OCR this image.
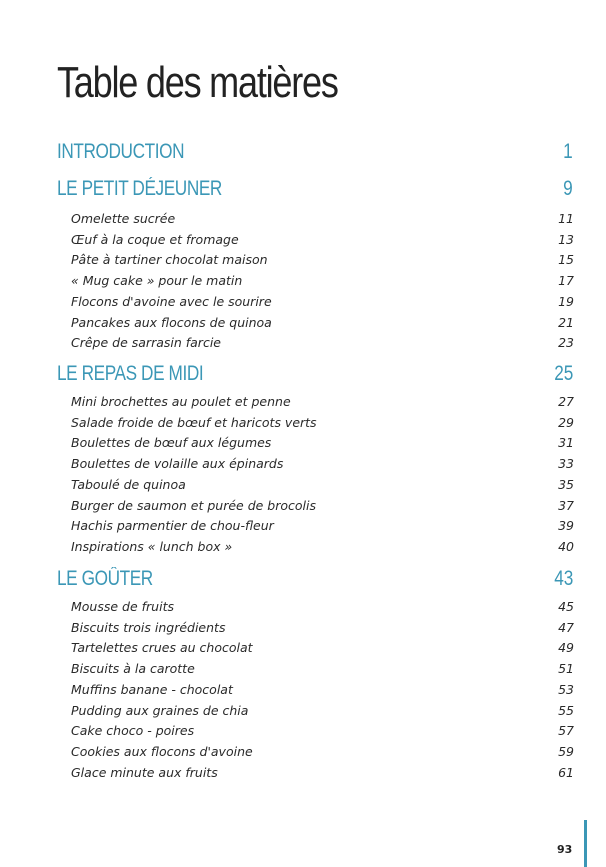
Table des matières
INTRODUCTION	1
LE PETIT DÉJEUNER	9
Omelette sucrée	11
Œuf à la coque et fromage	13
Pâte à tartiner chocolat maison	15
« Mug cake » pour le matin	17
Flocons d'avoine avec le sourire	19
Pancakes aux flocons de quinoa	21
Crêpe de sarrasin farcie	23
LE REPAS DE MIDI	25
Mini brochettes au poulet et penne	27
Salade froide de bœuf et haricots verts	29
Boulettes de bœuf aux légumes	31
Boulettes de volaille aux épinards	33
Taboulé de quinoa	35
Burger de saumon et purée de brocolis	37
Hachis parmentier de chou-fleur	39
Inspirations « lunch box »	40
LE GOÛTER	43
Mousse de fruits	45
Biscuits trois ingrédients	47
Tartelettes crues au chocolat	49
Biscuits à la carotte	51
Muffins banane - chocolat	53
Pudding aux graines de chia	55
Cake choco - poires	57
Cookies aux flocons d'avoine	59
Glace minute aux fruits	61
93
